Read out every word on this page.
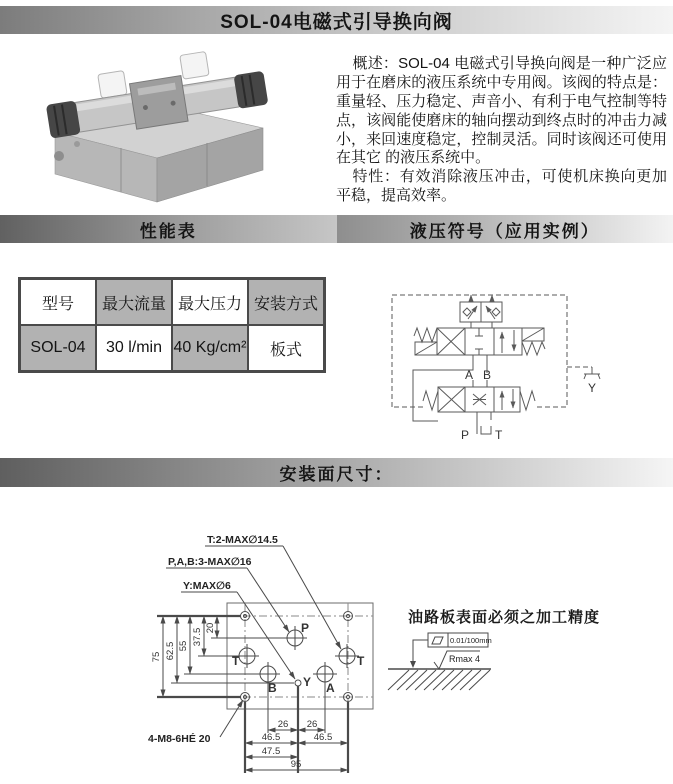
SOL-04电磁式引导换向阀

概述：SOL-04 电磁式引导换向阀是一种广泛应用于在磨床的液压系统中专用阀。该阀的特点是：重量轻、压力稳定、声音小、有利于电气控制等特点，该阀能使磨床的轴向摆动到终点时的冲击力减小，来回速度稳定，控制灵活。同时该阀还可使用在其它 的液压系统中。

特性：有效消除液压冲击，可使机床换向更加平稳，提高效率。

性能表	液压符号（应用实例）
型号	最大流量 最大压力 安装方式
SOL-04	30 l/min 40 Kg/cm²	板式
A B
P T
Y
安装面尺寸：
75 62.5 55 37.5 20
26 26
46.5	46.5
47.5
95
P
T	T
B	A
Y
T:2-MAX∅14.5
P,A,B:3-MAX∅16
Y:MAX∅6
4-M8-6HÉ 20
油路板表面必须之加工精度
0.01/100mm
Rmax 4
